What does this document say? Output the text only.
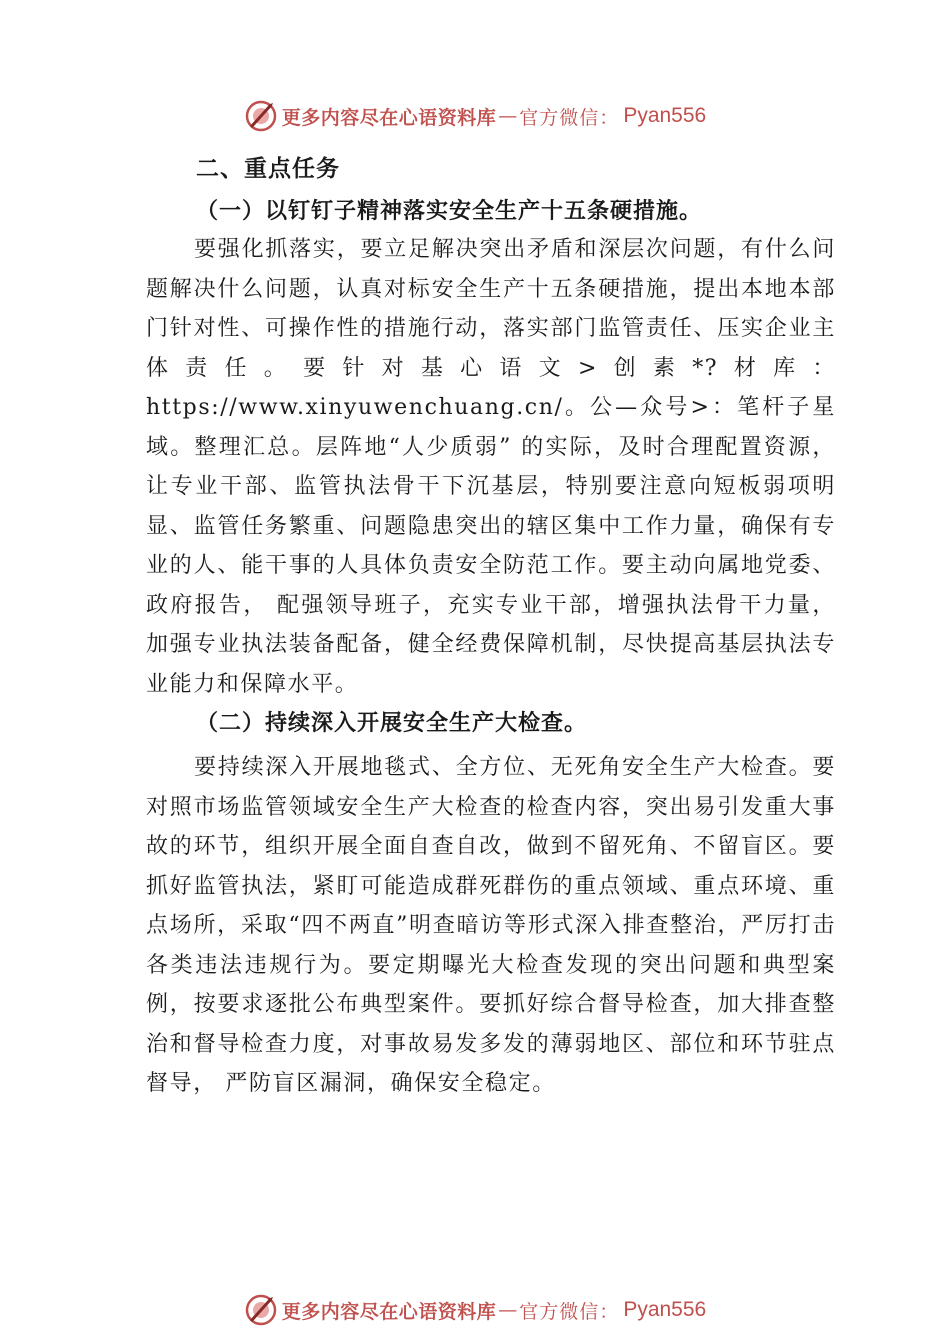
更多内容尽在心语资料库 — 官方微信： Pyan556
二、重点任务
（一）以钉钉子精神落实安全生产十五条硬措施。
要强化抓落实，要立足解决突出矛盾和深层次问题，有什么问题解决什么问题，认真对标安全生产十五条硬措施，提出本地本部门针对性、可操作性的措施行动，落实部门监管责任、压实企业主体责任。要针对基心语文>创素*?材库：https://www.xinyuwenchuang.cn/。公—众号>：笔杆子星域。整理汇总。层阵地“人少质弱” 的实际，及时合理配置资源，让专业干部、监管执法骨干下沉基层，特别要注意向短板弱项明显、监管任务繁重、问题隐患突出的辖区集中工作力量，确保有专业的人、能干事的人具体负责安全防范工作。要主动向属地党委、政府报告， 配强领导班子，充实专业干部，增强执法骨干力量，加强专业执法装备配备，健全经费保障机制，尽快提高基层执法专业能力和保障水平。
（二）持续深入开展安全生产大检查。
要持续深入开展地毯式、全方位、无死角安全生产大检查。要对照市场监管领域安全生产大检查的检查内容，突出易引发重大事故的环节，组织开展全面自查自改，做到不留死角、不留盲区。要抓好监管执法，紧盯可能造成群死群伤的重点领域、重点环境、重点场所，采取“四不两直”明查暗访等形式深入排查整治，严厉打击各类违法违规行为。要定期曝光大检查发现的突出问题和典型案例，按要求逐批公布典型案件。要抓好综合督导检查，加大排查整治和督导检查力度，对事故易发多发的薄弱地区、部位和环节驻点督导， 严防盲区漏洞，确保安全稳定。
更多内容尽在心语资料库 — 官方微信： Pyan556
